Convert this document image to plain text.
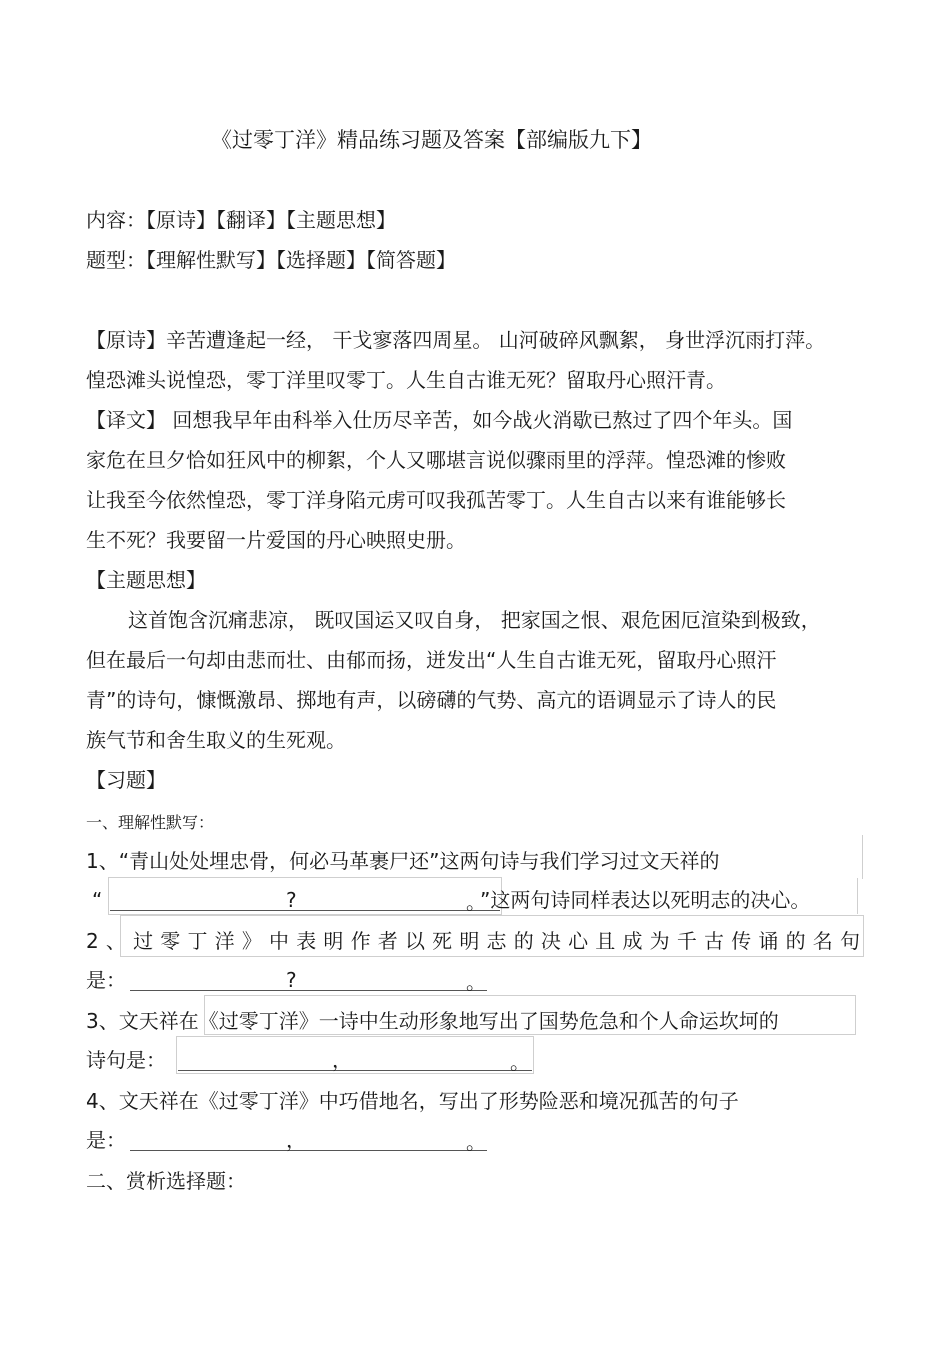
《过零丁洋》精品练习题及答案【部编版九下】
内容：【原诗】【翻译】【主题思想】
题型：【理解性默写】【选择题】【简答题】
【原诗】辛苦遭逢起一经， 干戈寥落四周星。 山河破碎风飘絮， 身世浮沉雨打萍。
惶恐滩头说惶恐，零丁洋里叹零丁。人生自古谁无死？留取丹心照汗青。
【译文】 回想我早年由科举入仕历尽辛苦，如今战火消歇已熬过了四个年头。国
家危在旦夕恰如狂风中的柳絮，个人又哪堪言说似骤雨里的浮萍。惶恐滩的惨败
让我至今依然惶恐，零丁洋身陷元虏可叹我孤苦零丁。人生自古以来有谁能够长
生不死？我要留一片爱国的丹心映照史册。
【主题思想】
这首饱含沉痛悲凉， 既叹国运又叹自身， 把家国之恨、艰危困厄渲染到极致，
但在最后一句却由悲而壮、由郁而扬，迸发出“人生自古谁无死，留取丹心照汗
青”的诗句，慷慨激昂、掷地有声，以磅礴的气势、高亢的语调显示了诗人的民
族气节和舍生取义的生死观。
【习题】
一、理解性默写：
1、“青山处处埋忠骨，何必马革裹尸还”这两句诗与我们学习过文天祥的
“	?	。
”这两句诗同样表达以死明志的决心。
2、过零丁洋》中表明作者以死明志的决心且成为千古传诵的名句
是：	?	。
3、文天祥在《过零丁洋》一诗中生动形象地写出了国势危急和个人命运坎坷的
诗句是：	，	。
4、文天祥在《过零丁洋》中巧借地名，写出了形势险恶和境况孤苦的句子
是：	，	。
二、赏析选择题：
